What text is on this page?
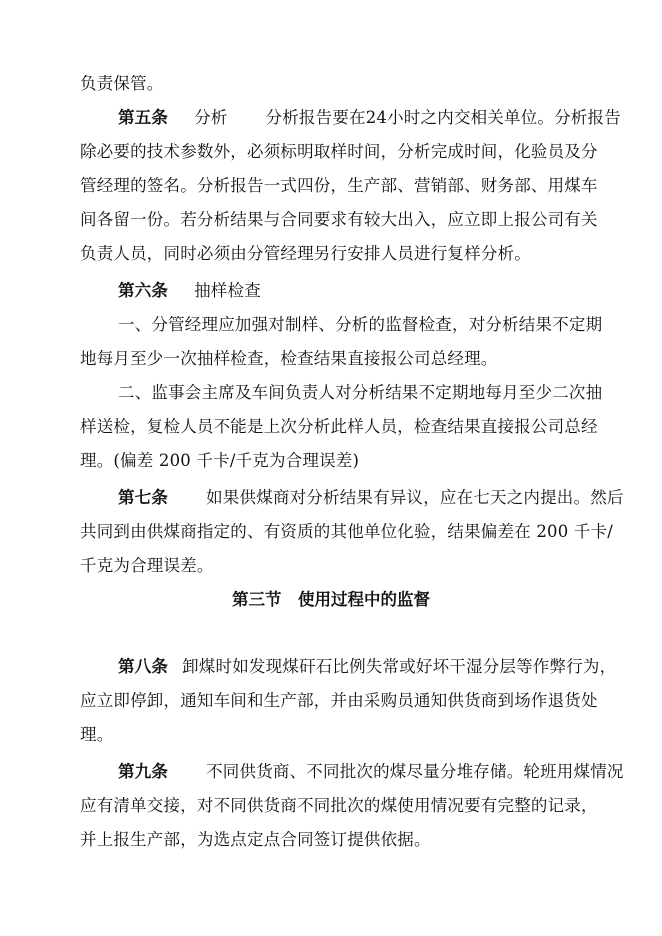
负责保管。
第五条 分析 分析报告要在24小时之内交相关单位。分析报告
除必要的技术参数外，必须标明取样时间，分析完成时间，化验员及分
管经理的签名。分析报告一式四份，生产部、营销部、财务部、用煤车
间各留一份。若分析结果与合同要求有较大出入，应立即上报公司有关
负责人员，同时必须由分管经理另行安排人员进行复样分析。
第六条 抽样检查
一、分管经理应加强对制样、分析的监督检查，对分析结果不定期
地每月至少一次抽样检查，检查结果直接报公司总经理。
二、监事会主席及车间负责人对分析结果不定期地每月至少二次抽
样送检，复检人员不能是上次分析此样人员，检查结果直接报公司总经
理。(偏差 200 千卡/千克为合理误差)
第七条 如果供煤商对分析结果有异议，应在七天之内提出。然后
共同到由供煤商指定的、有资质的其他单位化验，结果偏差在 200 千卡/
千克为合理误差。
第三节　使用过程中的监督
第八条 卸煤时如发现煤矸石比例失常或好坏干湿分层等作弊行为，
应立即停卸，通知车间和生产部，并由采购员通知供货商到场作退货处
理。
第九条 不同供货商、不同批次的煤尽量分堆存储。轮班用煤情况
应有清单交接，对不同供货商不同批次的煤使用情况要有完整的记录，
并上报生产部，为选点定点合同签订提供依据。
